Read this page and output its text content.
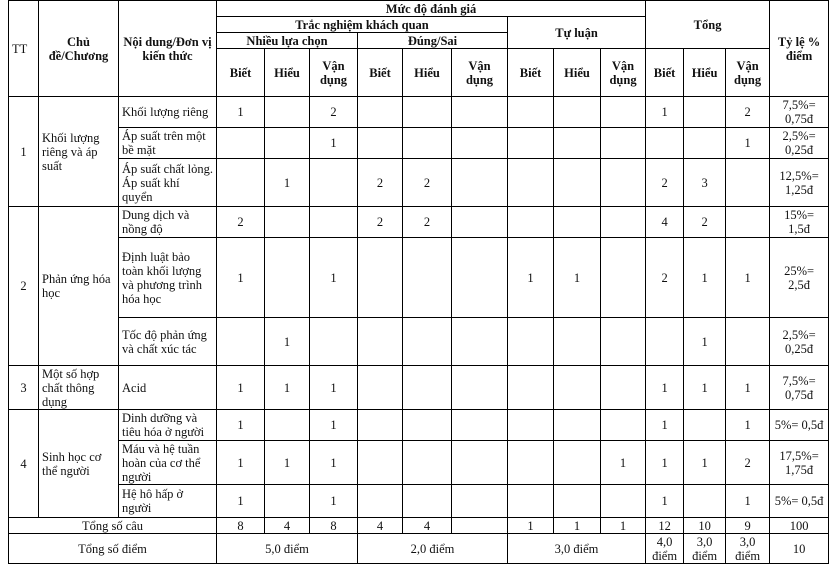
TT	Chủ đề/Chương	Nội dung/Đơn vị kiến thức	Mức độ đánh giá									Tổng			Tỷ lệ % điểm
			Trắc nghiệm khách quan						Tự luận						
			Nhiều lựa chọn			Đúng/Sai									
			Biết	Hiểu	Vận dụng	Biết	Hiểu	Vận dụng	Biết	Hiểu	Vận dụng	Biết	Hiểu	Vận dụng	
1	Khối lượng riêng và áp suất	Khối lượng riêng	1		2							1		2	7,5%= 0,75đ
		Áp suất trên một bề mặt			1									1	2,5%= 0,25đ
		Áp suất chất lỏng. Áp suất khí quyển		1		2	2					2	3		12,5%= 1,25đ
2	Phản ứng hóa học	Dung dịch và nồng độ	2			2	2					4	2		15%= 1,5đ
		Định luật bảo toàn khối lượng và phương trình hóa học	1		1				1	1		2	1	1	25%= 2,5đ
		Tốc độ phản ứng và chất xúc tác		1									1		2,5%= 0,25đ
3	Một số hợp chất thông dụng	Acid	1	1	1							1	1	1	7,5%= 0,75đ
4	Sinh học cơ thể người	Dinh dưỡng và tiêu hóa ở người	1		1							1		1	5%= 0,5đ
		Máu và hệ tuần hoàn của cơ thể người	1	1	1						1	1	1	2	17,5%= 1,75đ
		Hệ hô hấp ở người	1		1							1		1	5%= 0,5đ
Tổng số câu			8	4	8	4	4		1	1	1	12	10	9	100
Tổng số điểm			5,0 điểm			2,0 điểm			3,0 điểm			4,0 điểm	3,0 điểm	3,0 điểm	10
